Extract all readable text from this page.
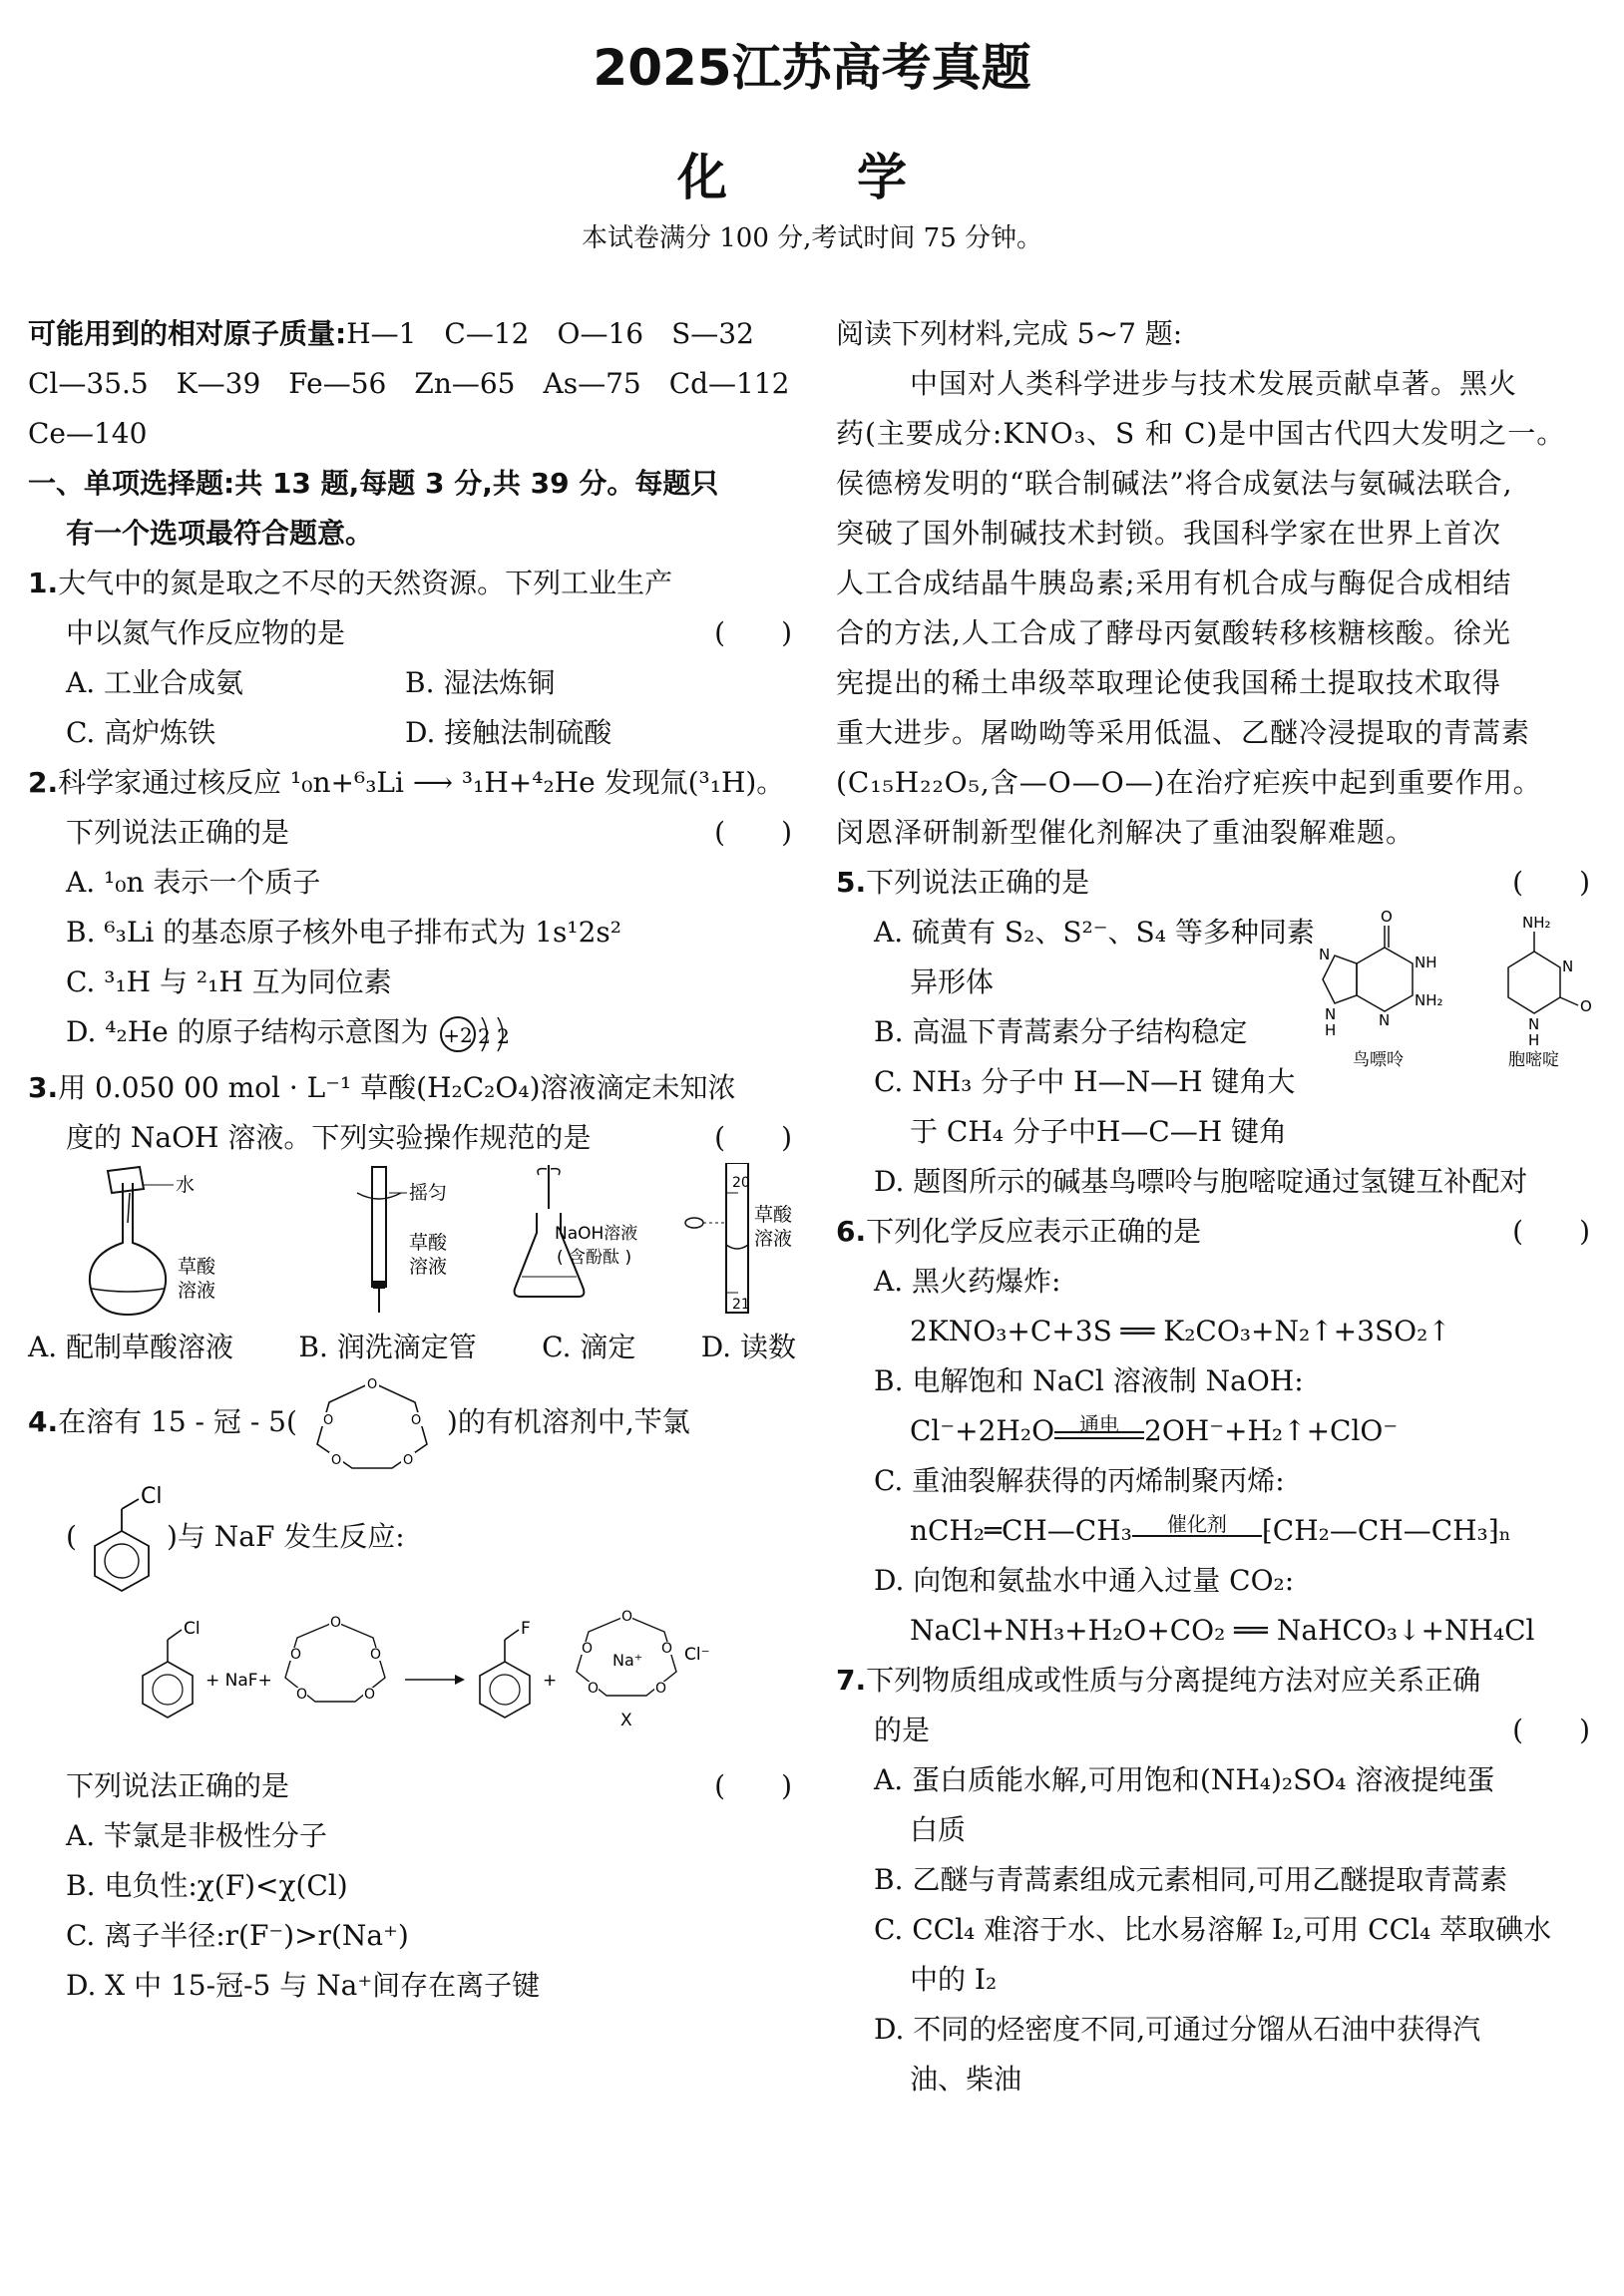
2025江苏高考真题
化　学
本试卷满分 100 分,考试时间 75 分钟。

可能用到的相对原子质量:H—1　C—12　O—16　S—32

Cl—35.5　K—39　Fe—56　Zn—65　As—75　Cd—112

Ce—140

一、单项选择题:共 13 题,每题 3 分,共 39 分。每题只

有一个选项最符合题意。

1.大气中的氮是取之不尽的天然资源。下列工业生产

中以氮气作反应物的是	(　　)

A. 工业合成氨	B. 湿法炼铜

C. 高炉炼铁	D. 接触法制硫酸

2.科学家通过核反应 ¹₀n+⁶₃Li ⟶ ³₁H+⁴₂He 发现氚(³₁H)。

下列说法正确的是	(　　)

A. ¹₀n 表示一个质子

B. ⁶₃Li 的基态原子核外电子排布式为 1s¹2s²

C. ³₁H 与 ²₁H 互为同位素

D. ⁴₂He 的原子结构示意图为 +2 2 2

3.用 0.050 00 mol · L⁻¹ 草酸(H₂C₂O₄)溶液滴定未知浓

度的 NaOH 溶液。下列实验操作规范的是	(　　)

水
草酸
溶液
摇匀
草酸
溶液
NaOH溶液
( 含酚酞 )
20
21
草酸
溶液

A. 配制草酸溶液 B. 润洗滴定管 C. 滴定 D. 读数

4.在溶有 15 - 冠 - 5(
O
O
O
O
O
)的有机溶剂中,苄氯

(
Cl
)与 NaF 发生反应:

Cl
+ NaF+
O
O
O
O
O
F
+
O
O
O
O
O
Na⁺ Cl⁻
X

下列说法正确的是	(　　)

A. 苄氯是非极性分子

B. 电负性:χ(F)<χ(Cl)

C. 离子半径:r(F⁻)>r(Na⁺)

D. X 中 15-冠-5 与 Na⁺间存在离子键

阅读下列材料,完成 5~7 题:

中国对人类科学进步与技术发展贡献卓著。黑火

药(主要成分:KNO₃、S 和 C)是中国古代四大发明之一。

侯德榜发明的“联合制碱法”将合成氨法与氨碱法联合,

突破了国外制碱技术封锁。我国科学家在世界上首次

人工合成结晶牛胰岛素;采用有机合成与酶促合成相结

合的方法,人工合成了酵母丙氨酸转移核糖核酸。徐光

宪提出的稀土串级萃取理论使我国稀土提取技术取得

重大进步。屠呦呦等采用低温、乙醚冷浸提取的青蒿素

(C₁₅H₂₂O₅,含—O—O—)在治疗疟疾中起到重要作用。

闵恩泽研制新型催化剂解决了重油裂解难题。

5.下列说法正确的是	(　　)

O
NH
NH₂
N
N
N
H
鸟嘌呤
NH₂
N
O
N
H
胞嘧啶

A. 硫黄有 S₂、S²⁻、S₄ 等多种同素

异形体

B. 高温下青蒿素分子结构稳定

C. NH₃ 分子中 H—N—H 键角大

于 CH₄ 分子中H—C—H 键角

D. 题图所示的碱基鸟嘌呤与胞嘧啶通过氢键互补配对

6.下列化学反应表示正确的是	(　　)

A. 黑火药爆炸:

2KNO₃+C+3S ══ K₂CO₃+N₂↑+3SO₂↑

B. 电解饱和 NaCl 溶液制 NaOH:

Cl⁻+2H₂O	通电 2OH⁻+H₂↑+ClO⁻

C. 重油裂解获得的丙烯制聚丙烯:

nCH₂═CH—CH₃	催化剂	⁅CH₂—CH—CH₃⁆ₙ

D. 向饱和氨盐水中通入过量 CO₂:

NaCl+NH₃+H₂O+CO₂ ══ NaHCO₃↓+NH₄Cl

7.下列物质组成或性质与分离提纯方法对应关系正确

的是	(　　)

A. 蛋白质能水解,可用饱和(NH₄)₂SO₄ 溶液提纯蛋

白质

B. 乙醚与青蒿素组成元素相同,可用乙醚提取青蒿素

C. CCl₄ 难溶于水、比水易溶解 I₂,可用 CCl₄ 萃取碘水

中的 I₂

D. 不同的烃密度不同,可通过分馏从石油中获得汽

油、柴油
